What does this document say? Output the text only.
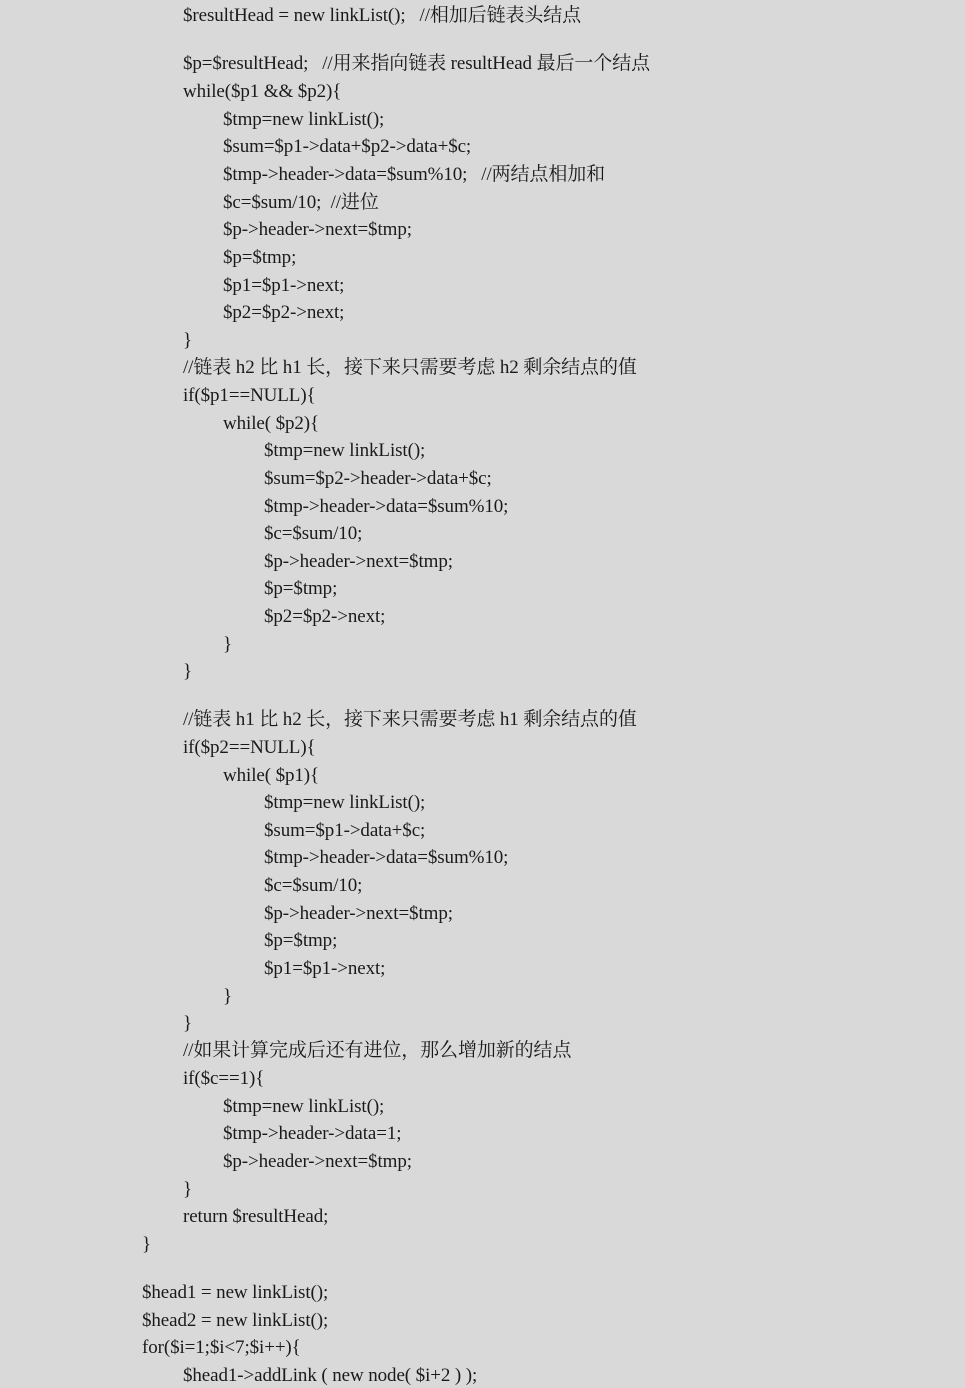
$resultHead = new linkList();   //相加后链表头结点
$p=$resultHead;   //用来指向链表 resultHead 最后一个结点
while($p1 && $p2){
$tmp=new linkList();
$sum=$p1->data+$p2->data+$c;
$tmp->header->data=$sum%10;   //两结点相加和
$c=$sum/10;  //进位
$p->header->next=$tmp;
$p=$tmp;
$p1=$p1->next;
$p2=$p2->next;
}
//链表 h2 比 h1 长，接下来只需要考虑 h2 剩余结点的值
if($p1==NULL){
while( $p2){
$tmp=new linkList();
$sum=$p2->header->data+$c;
$tmp->header->data=$sum%10;
$c=$sum/10;
$p->header->next=$tmp;
$p=$tmp;
$p2=$p2->next;
}
}
//链表 h1 比 h2 长，接下来只需要考虑 h1 剩余结点的值
if($p2==NULL){
while( $p1){
$tmp=new linkList();
$sum=$p1->data+$c;
$tmp->header->data=$sum%10;
$c=$sum/10;
$p->header->next=$tmp;
$p=$tmp;
$p1=$p1->next;
}
}
//如果计算完成后还有进位，那么增加新的结点
if($c==1){
$tmp=new linkList();
$tmp->header->data=1;
$p->header->next=$tmp;
}
return $resultHead;
}
$head1 = new linkList();
$head2 = new linkList();
for($i=1;$i<7;$i++){
$head1->addLink ( new node( $i+2 ) );
